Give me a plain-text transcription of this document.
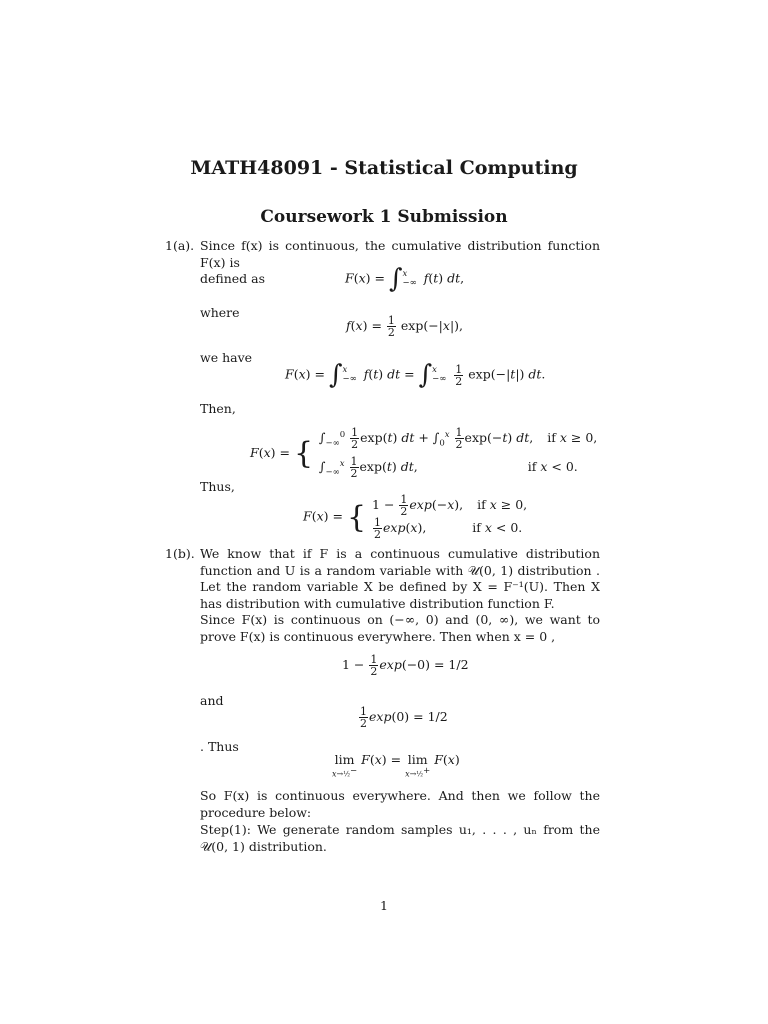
MATH48091 - Statistical Computing
Coursework 1 Submission
1(a). Since f(x) is continuous, the cumulative distribution function F(x) is
defined as	F(x) = ∫ x
−∞ f(t) dt,
where
$f(x) = \frac{1}{2} \exp(-|x|)$,
we have
F(x) = ∫ x
−∞ f(t) dt = ∫ x
−∞
$\frac{1}{2} \exp(-|t|)$ dt.
Then,
F(x) = { $\int_{-\infty}^0 \frac{1}{2} \exp(t)$ dt + $\int_0^x \frac{1}{2} \exp(-t)$ dt, if x ≥ 0,
$\int_{-\infty}^x \frac{1}{2} \exp(t)$ dt,	if x < 0.
Thus,
F(x) = { $1 - \frac{1}{2} \exp(-x)$, if x ≥ 0,
$\frac{1}{2} \exp(x)$,	if x < 0.
1(b). We know that if F is a continuous cumulative distribution function and U is a random variable with 𝒰(0, 1) distribution . Let the random variable X be defined by X = F⁻¹(U). Then X has distribution with cumulative distribution function F.
Since F(x) is continuous on (−∞, 0) and (0, ∞), we want to prove F(x) is continuous everywhere. Then when x = 0 ,
$1 - \frac{1}{2} \exp(-0) = 1/2$
and
$\frac{1}{2} \exp(0) = 1/2$
. Thus
lim
x→½−
F(x) = lim
x→½+
F(x)
So F(x) is continuous everywhere. And then we follow the procedure below:
Step(1): We generate random samples u₁, . . . , uₙ from the 𝒰(0, 1) distribution.
1
